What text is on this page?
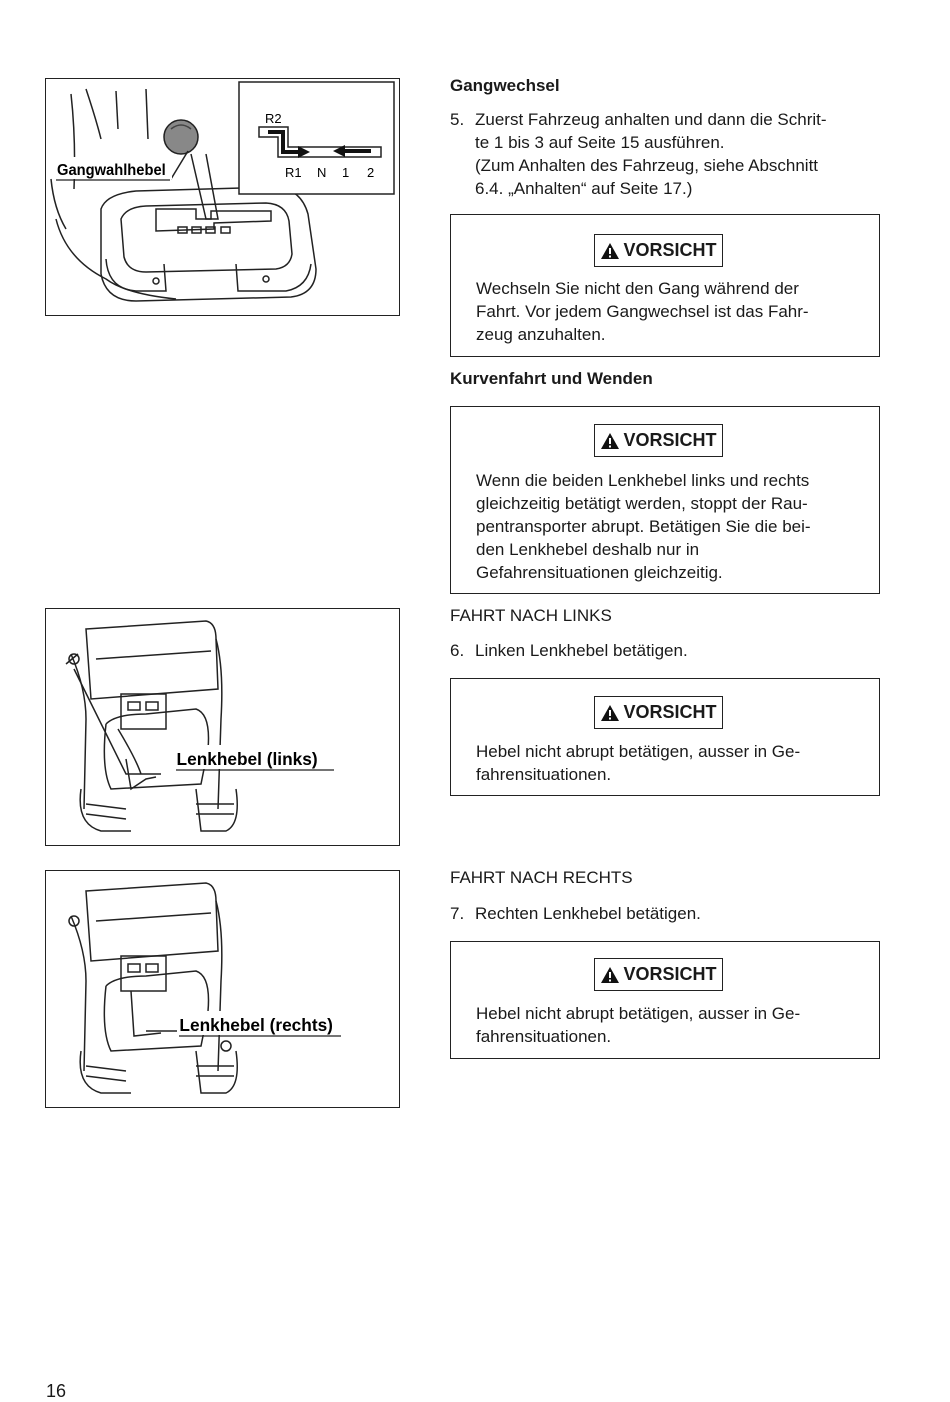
R2
R1 N 1 2
Gangwahlhebel
Lenkhebel (links)
Lenkhebel (rechts)
Gangwechsel
5. Zuerst Fahrzeug anhalten und dann die Schrit-
te 1 bis 3 auf Seite 15 ausführen.
(Zum Anhalten des Fahrzeug, siehe Abschnitt
6.4. „Anhalten“ auf Seite 17.)
VORSICHT
Wechseln Sie nicht den Gang während der
Fahrt. Vor jedem Gangwechsel ist das Fahr-
zeug anzuhalten.
Kurvenfahrt und Wenden
VORSICHT
Wenn die beiden Lenkhebel links und rechts
gleichzeitig betätigt werden, stoppt der Rau-
pentransporter abrupt. Betätigen Sie die bei-
den Lenkhebel deshalb nur in
Gefahrensituationen gleichzeitig.
FAHRT NACH LINKS
6. Linken Lenkhebel betätigen.
VORSICHT
Hebel nicht abrupt betätigen, ausser in Ge-
fahrensituationen.
FAHRT NACH RECHTS
7. Rechten Lenkhebel betätigen.
VORSICHT
Hebel nicht abrupt betätigen, ausser in Ge-
fahrensituationen.
16
